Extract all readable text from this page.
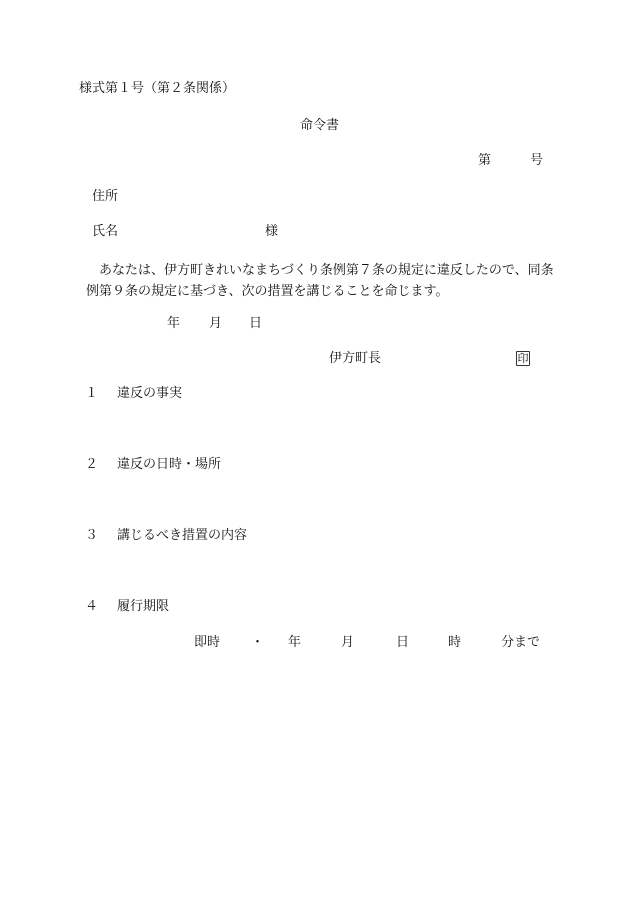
様式第１号（第２条関係）
命令書
第	号
住所
氏名	様
あなたは、伊方町きれいなまちづくり条例第７条の規定に違反したので、同条例第９条の規定に基づき、次の措置を講じることを命じます。
年 月 日
伊方町長	印
１ 違反の事実
２ 違反の日時・場所
３ 講じるべき措置の内容
４ 履行期限
即時 ・ 年	月	日	時	分まで
